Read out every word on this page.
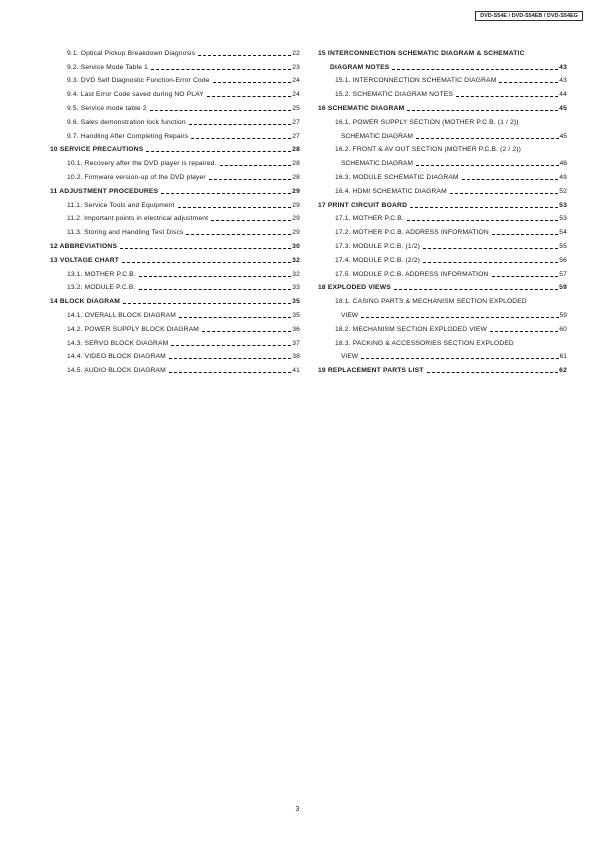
DVD-S54E / DVD-S54EB / DVD-S54EG
9.1. Optical Pickup Breakdown Diagnosis	22
9.2. Service Mode Table 1	23
9.3. DVD Self Diagnostic Function-Error Code	24
9.4. Last Error Code saved during NO PLAY	24
9.5. Service mode table 2	25
9.6. Sales demonstration lock function	27
9.7. Handling After Completing Repairs	27
10 SERVICE PRECAUTIONS	28
10.1. Recovery after the DVD player is repaired.	28
10.2. Firmware version-up of the DVD player	28
11 ADJUSTMENT PROCEDURES	29
11.1. Service Tools and Equipment	29
11.2. Important points in electrical adjustment	29
11.3. Storing and Handling Test Discs	29
12 ABBREVIATIONS	30
13 VOLTAGE CHART	32
13.1. MOTHER P.C.B.	32
13.2. MODULE P.C.B.	33
14 BLOCK DIAGRAM	35
14.1. OVERALL BLOCK DIAGRAM	35
14.2. POWER SUPPLY BLOCK DIAGRAM	36
14.3. SERVO BLOCK DIAGRAM	37
14.4. VIDEO BLOCK DIAGRAM	38
14.5. AUDIO BLOCK DIAGRAM	41
15 INTERCONNECTION SCHEMATIC DIAGRAM & SCHEMATIC
DIAGRAM NOTES	43
15.1. INTERCONNECTION SCHEMATIC DIAGRAM	43
15.2. SCHEMATIC DIAGRAM NOTES	44
16 SCHEMATIC DIAGRAM	45
16.1. POWER SUPPLY SECTION (MOTHER P.C.B. (1 / 2))
SCHEMATIC DIAGRAM	45
16.2. FRONT & AV OUT SECTION (MOTHER P.C.B. (2 / 2))
SCHEMATIC DIAGRAM	46
16.3. MODULE SCHEMATIC DIAGRAM	49
16.4. HDMI SCHEMATIC DIAGRAM	52
17 PRINT CIRCUIT BOARD	53
17.1. MOTHER P.C.B.	53
17.2. MOTHER P.C.B. ADDRESS INFORMATION	54
17.3. MODULE P.C.B. (1/2)	55
17.4. MODULE P.C.B. (2/2)	56
17.5. MODULE P.C.B. ADDRESS INFORMATION	57
18 EXPLODED VIEWS	59
18.1. CASING PARTS & MECHANISM SECTION EXPLODED
VIEW	59
18.2. MECHANISM SECTION EXPLODED VIEW	60
18.3. PACKING & ACCESSORIES SECTION EXPLODED
VIEW	61
19 REPLACEMENT PARTS LIST	62
3
